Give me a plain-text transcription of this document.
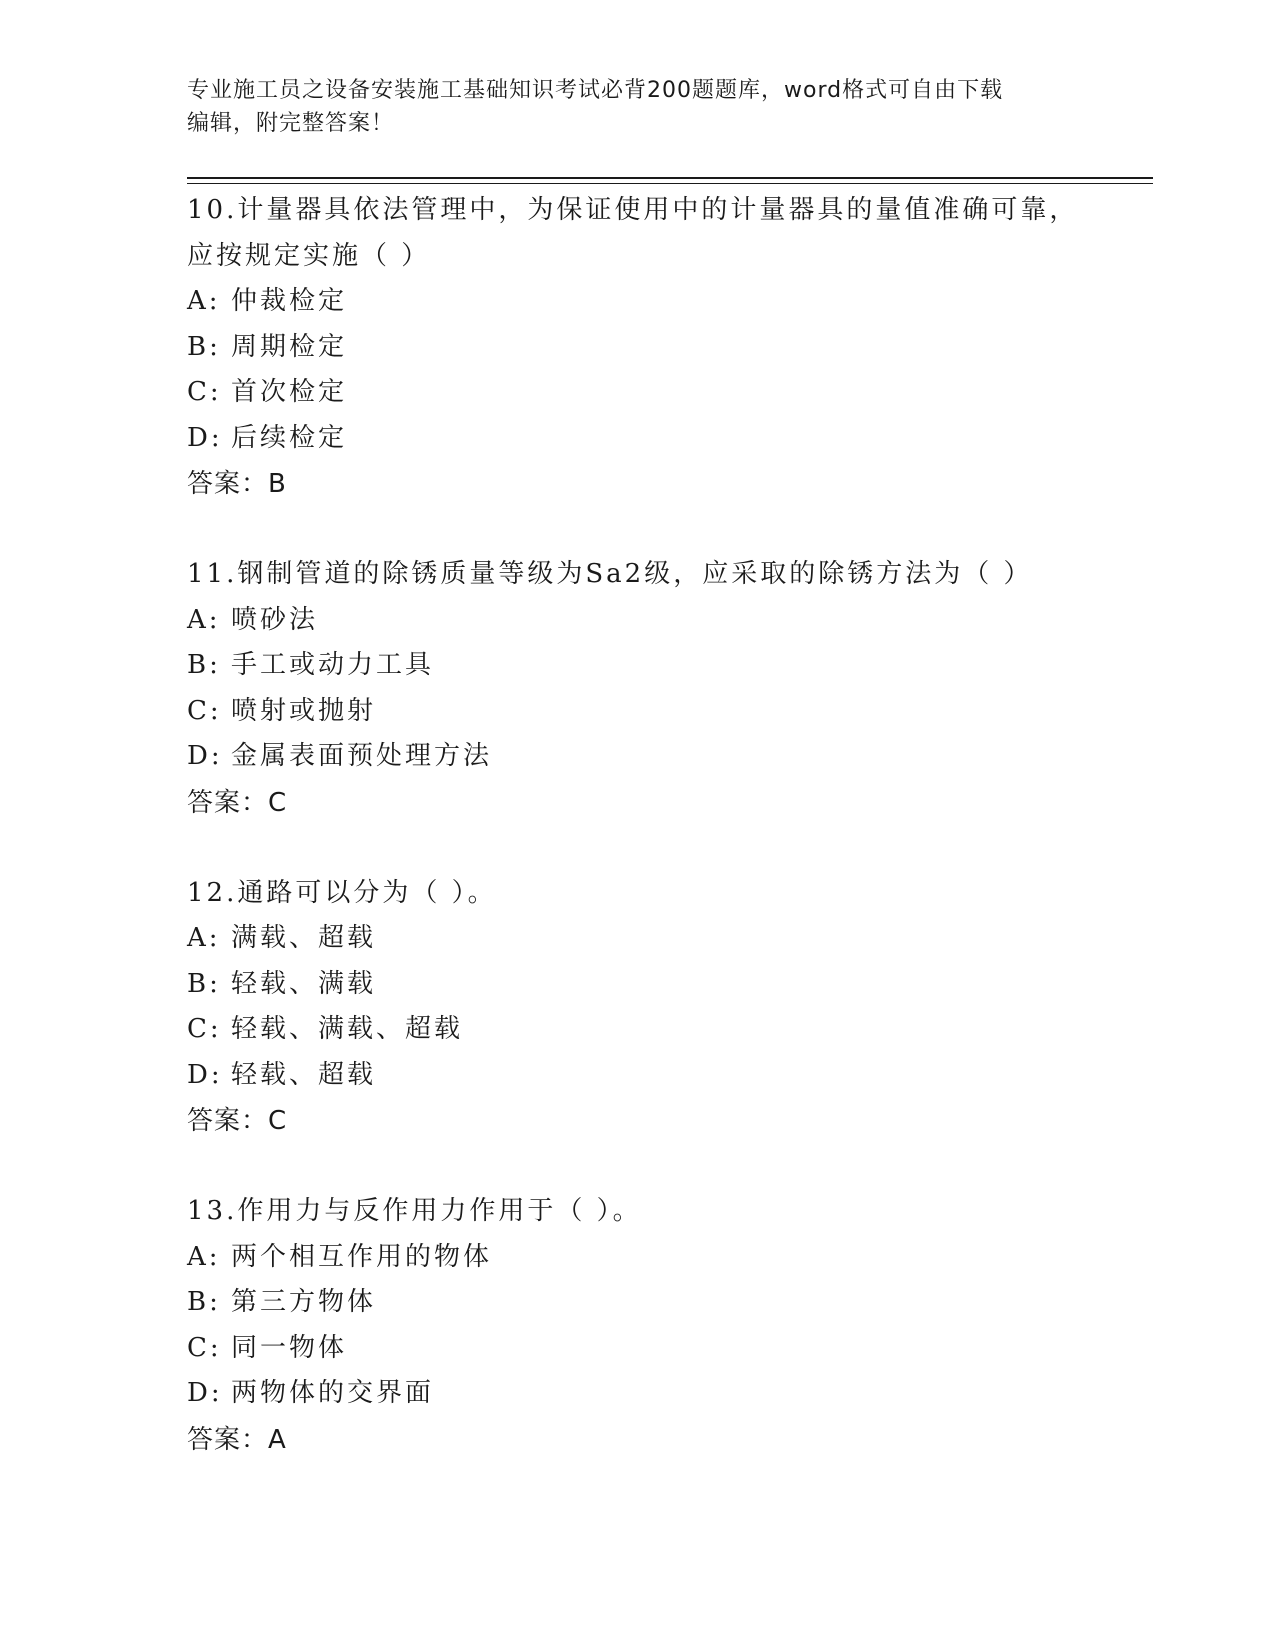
专业施工员之设备安装施工基础知识考试必背200题题库，word格式可自由下载
编辑，附完整答案！
10.计量器具依法管理中，为保证使用中的计量器具的量值准确可靠，
应按规定实施（ ）
A: 仲裁检定
B: 周期检定
C: 首次检定
D: 后续检定
答案：B
11.钢制管道的除锈质量等级为Sa2级，应采取的除锈方法为（ ）
A: 喷砂法
B: 手工或动力工具
C: 喷射或抛射
D: 金属表面预处理方法
答案：C
12.通路可以分为（ ）。
A: 满载、超载
B: 轻载、满载
C: 轻载、满载、超载
D: 轻载、超载
答案：C
13.作用力与反作用力作用于（ ）。
A: 两个相互作用的物体
B: 第三方物体
C: 同一物体
D: 两物体的交界面
答案：A
